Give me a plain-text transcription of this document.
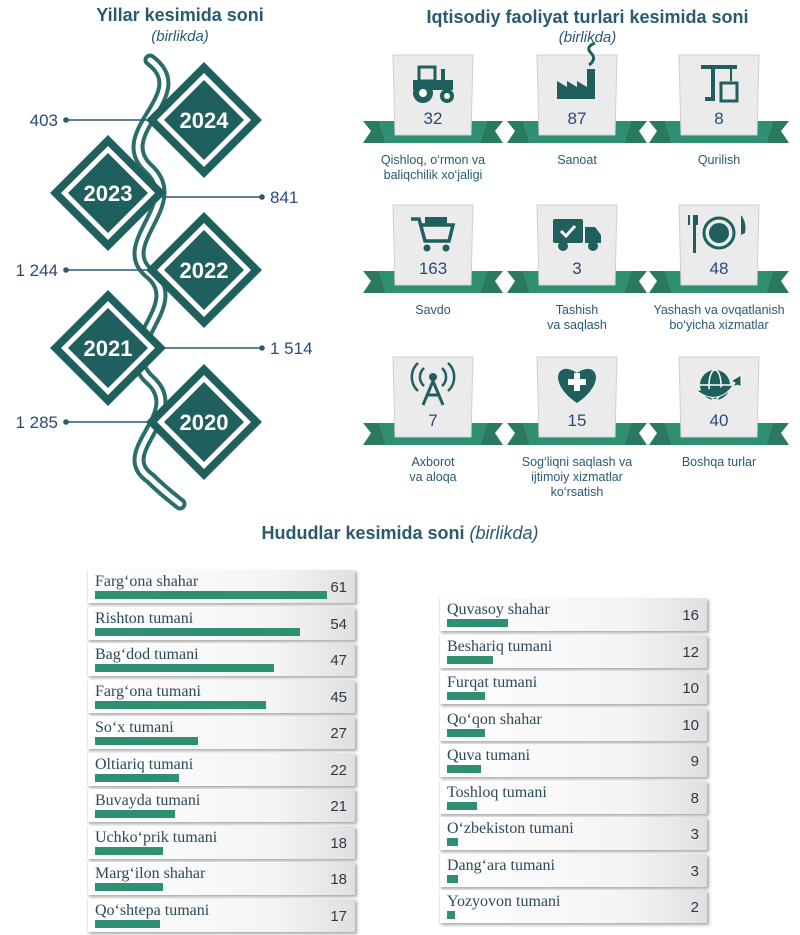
Yillar kesimida soni
(birlikda)
Iqtisodiy faoliyat turlari kesimida soni
(birlikda)
2024
403
2023	841
2022
1 244
2021	1 514
2020
1 285
32	87	8
163	3	48
7	15	40
Qishloq, o‘rmon va
baliqchilik xo‘jaligi
Sanoat	Qurilish
Savdo	Tashish
va saqlash
Yashash va ovqatlanish
bo‘yicha xizmatlar
Axborot
va aloqa
Sog‘liqni saqlash va
ijtimoiy xizmatlar
ko‘rsatish
Boshqa turlar
Hududlar kesimida soni (birlikda)
Farg‘ona shahar	61
Rishton tumani	54
Bag‘dod tumani	47
Farg‘ona tumani	45
So‘x tumani	27
Oltiariq tumani	22
Buvayda tumani	21
Uchko‘prik tumani	18
Marg‘ilon shahar	18
Qo‘shtepa tumani	17
Quvasoy shahar	16
Beshariq tumani	12
Furqat tumani	10
Qo‘qon shahar	10
Quva tumani	9
Toshloq tumani	8
O‘zbekiston tumani	3
Dang‘ara tumani	3
Yozyovon tumani	2
